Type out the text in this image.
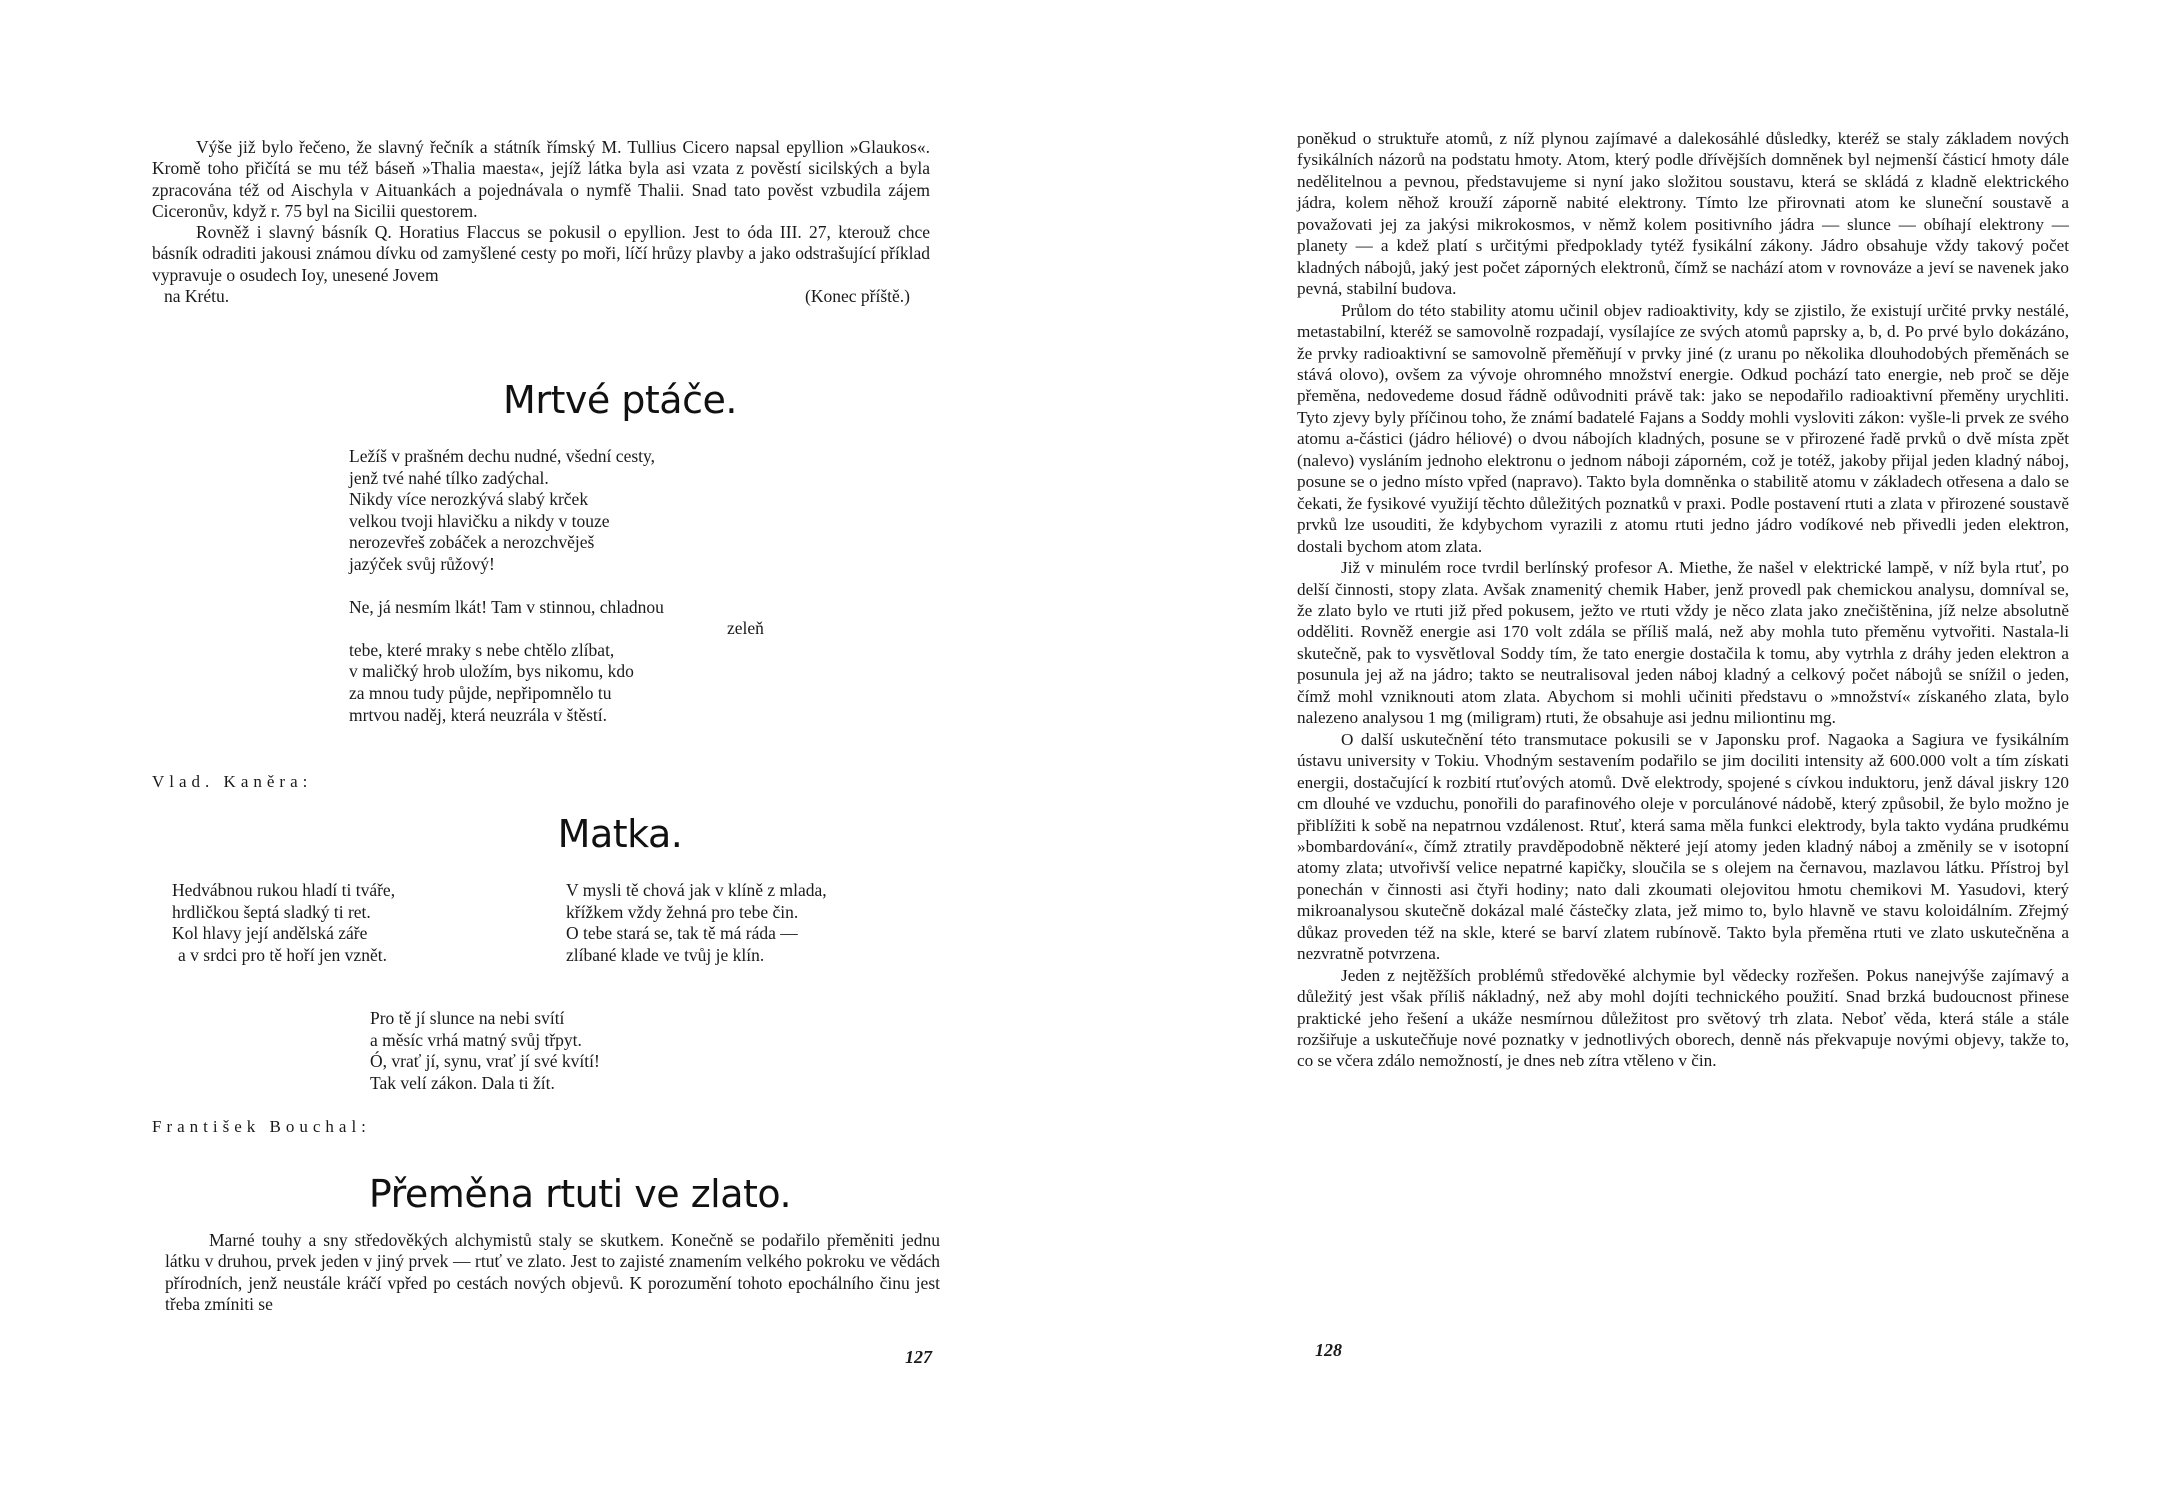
Výše již bylo řečeno, že slavný řečník a státník římský M. Tullius Cicero napsal epyllion »Glaukos«. Kromě toho přičítá se mu též báseň »Thalia maesta«, jejíž látka byla asi vzata z pověstí sicilských a byla zpracována též od Aischyla v Aituankách a pojednávala o nymfě Thalii. Snad tato pověst vzbudila zájem Ciceronův, když r. 75 byl na Sicilii questorem.

Rovněž i slavný básník Q. Horatius Flaccus se pokusil o epyllion. Jest to óda III. 27, kterouž chce básník odraditi jakousi známou dívku od zamyšlené cesty po moři, líčí hrůzy plavby a jako odstrašující příklad vypravuje o osudech Ioy, unesené Jovem

na Krétu.	(Konec příště.)

Mrtvé ptáče.
Ležíš v prašném dechu nudné, všední cesty,
jenž tvé nahé tílko zadýchal.
Nikdy více nerozkývá slabý krček
velkou tvoji hlavičku a nikdy v touze
nerozevřeš zobáček a nerozchvěješ
jazýček svůj růžový!
Ne, já nesmím lkát! Tam v stinnou, chladnou
zeleň
tebe, které mraky s nebe chtělo zlíbat,
v maličký hrob uložím, bys nikomu, kdo
za mnou tudy půjde, nepřipomnělo tu
mrtvou naděj, která neuzrála v štěstí.
Vlad. Kaněra:
Matka.
Hedvábnou rukou hladí ti tváře,
hrdličkou šeptá sladký ti ret.
Kol hlavy její andělská záře
a v srdci pro tě hoří jen vznět.
V mysli tě chová jak v klíně z mlada,
křížkem vždy žehná pro tebe čin.
O tebe stará se, tak tě má ráda —
zlíbané klade ve tvůj je klín.
Pro tě jí slunce na nebi svítí
a měsíc vrhá matný svůj třpyt.
Ó, vrať jí, synu, vrať jí své kvítí!
Tak velí zákon. Dala ti žít.
František Bouchal:
Přeměna rtuti ve zlato.

Marné touhy a sny středověkých alchymistů staly se skutkem. Konečně se podařilo přeměniti jednu látku v druhou, prvek jeden v jiný prvek — rtuť ve zlato. Jest to zajisté znamením velkého pokroku ve vědách přírodních, jenž neustále kráčí vpřed po cestách nových objevů. K porozumění tohoto epochálního činu jest třeba zmíniti se

127

poněkud o struktuře atomů, z níž plynou zajímavé a dalekosáhlé důsledky, kteréž se staly základem nových fysikálních názorů na podstatu hmoty. Atom, který podle dřívějších domněnek byl nejmenší částicí hmoty dále nedělitelnou a pevnou, představujeme si nyní jako složitou soustavu, která se skládá z kladně elektrického jádra, kolem něhož krouží záporně nabité elektrony. Tímto lze přirovnati atom ke sluneční soustavě a považovati jej za jakýsi mikrokosmos, v němž kolem positivního jádra — slunce — obíhají elektrony — planety — a kdež platí s určitými předpoklady tytéž fysikální zákony. Jádro obsahuje vždy takový počet kladných nábojů, jaký jest počet záporných elektronů, čímž se nachází atom v rovnováze a jeví se navenek jako pevná, stabilní budova.

Průlom do této stability atomu učinil objev radioaktivity, kdy se zjistilo, že existují určité prvky nestálé, metastabilní, kteréž se samovolně rozpadají, vysílajíce ze svých atomů paprsky a, b, d. Po prvé bylo dokázáno, že prvky radioaktivní se samovolně přeměňují v prvky jiné (z uranu po několika dlouhodobých přeměnách se stává olovo), ovšem za vývoje ohromného množství energie. Odkud pochází tato energie, neb proč se děje přeměna, nedovedeme dosud řádně odůvodniti právě tak: jako se nepodařilo radioaktivní přeměny urychliti. Tyto zjevy byly příčinou toho, že známí badatelé Fajans a Soddy mohli vysloviti zákon: vyšle-li prvek ze svého atomu a-částici (jádro héliové) o dvou nábojích kladných, posune se v přirozené řadě prvků o dvě místa zpět (nalevo) vysláním jednoho elektronu o jednom náboji záporném, což je totéž, jakoby přijal jeden kladný náboj, posune se o jedno místo vpřed (napravo). Takto byla domněnka o stabilitě atomu v základech otřesena a dalo se čekati, že fysikové využijí těchto důležitých poznatků v praxi. Podle postavení rtuti a zlata v přirozené soustavě prvků lze usouditi, že kdybychom vyrazili z atomu rtuti jedno jádro vodíkové neb přivedli jeden elektron, dostali bychom atom zlata.

Již v minulém roce tvrdil berlínský profesor A. Miethe, že našel v elektrické lampě, v níž byla rtuť, po delší činnosti, stopy zlata. Avšak znamenitý chemik Haber, jenž provedl pak chemickou analysu, domníval se, že zlato bylo ve rtuti již před pokusem, ježto ve rtuti vždy je něco zlata jako znečištěnina, jíž nelze absolutně odděliti. Rovněž energie asi 170 volt zdála se příliš malá, než aby mohla tuto přeměnu vytvořiti. Nastala-li skutečně, pak to vysvětloval Soddy tím, že tato energie dostačila k tomu, aby vytrhla z dráhy jeden elektron a posunula jej až na jádro; takto se neutralisoval jeden náboj kladný a celkový počet nábojů se snížil o jeden, čímž mohl vzniknouti atom zlata. Abychom si mohli učiniti představu o »množství« získaného zlata, bylo nalezeno analysou 1 mg (miligram) rtuti, že obsahuje asi jednu miliontinu mg.

O další uskutečnění této transmutace pokusili se v Japonsku prof. Nagaoka a Sagiura ve fysikálním ústavu university v Tokiu. Vhodným sestavením podařilo se jim dociliti intensity až 600.000 volt a tím získati energii, dostačující k rozbití rtuťových atomů. Dvě elektrody, spojené s cívkou induktoru, jenž dával jiskry 120 cm dlouhé ve vzduchu, ponořili do parafinového oleje v porculánové nádobě, který způsobil, že bylo možno je přiblížiti k sobě na nepatrnou vzdálenost. Rtuť, která sama měla funkci elektrody, byla takto vydána prudkému »bombardování«, čímž ztratily pravděpodobně některé její atomy jeden kladný náboj a změnily se v isotopní atomy zlata; utvořivší velice nepatrné kapičky, sloučila se s olejem na černavou, mazlavou látku. Přístroj byl ponechán v činnosti asi čtyři hodiny; nato dali zkoumati olejovitou hmotu chemikovi M. Yasudovi, který mikroanalysou skutečně dokázal malé částečky zlata, jež mimo to, bylo hlavně ve stavu koloidálním. Zřejmý důkaz proveden též na skle, které se barví zlatem rubínově. Takto byla přeměna rtuti ve zlato uskutečněna a nezvratně potvrzena.

Jeden z nejtěžších problémů středověké alchymie byl vědecky rozřešen. Pokus nanejvýše zajímavý a důležitý jest však příliš nákladný, než aby mohl dojíti technického použití. Snad brzká budoucnost přinese praktické jeho řešení a ukáže nesmírnou důležitost pro světový trh zlata. Neboť věda, která stále a stále rozšiřuje a uskutečňuje nové poznatky v jednotlivých oborech, denně nás překvapuje novými objevy, takže to, co se včera zdálo nemožností, je dnes neb zítra vtěleno v čin.

128
